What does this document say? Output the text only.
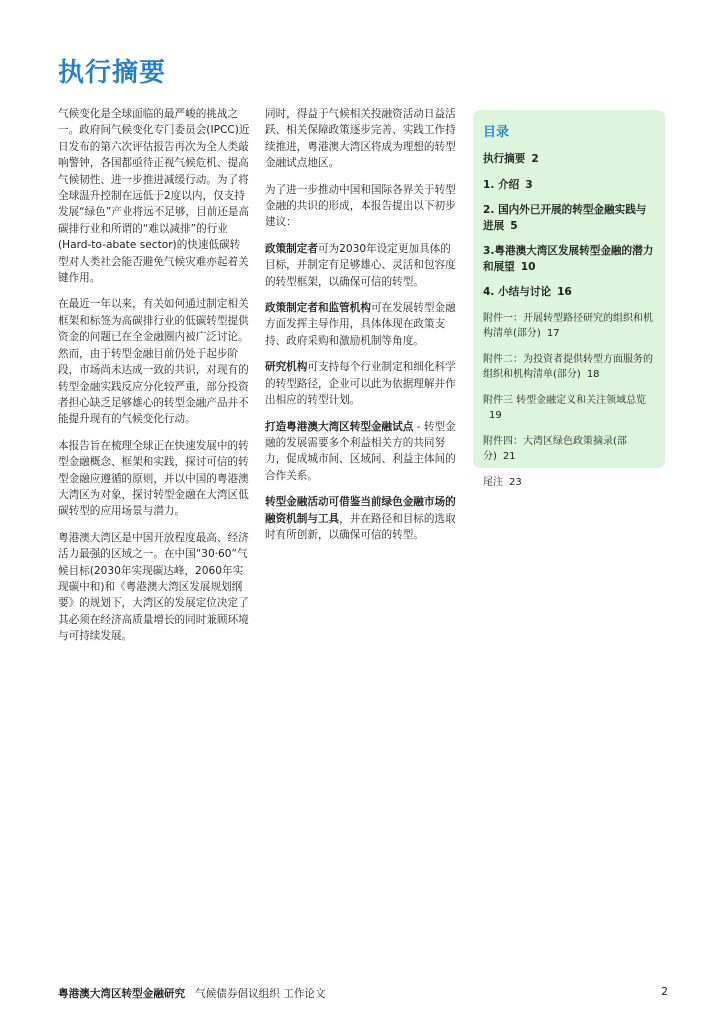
执行摘要

气候变化是全球面临的最严峻的挑战之一。政府间气候变化专门委员会(IPCC)近日发布的第六次评估报告再次为全人类敲响警钟，各国都亟待正视气候危机、提高气候韧性、进一步推进减缓行动。为了将全球温升控制在远低于2度以内，仅支持发展“绿色”产业将远不足够，目前还是高碳排行业和所谓的“难以减排”的行业(Hard-to-abate sector)的快速低碳转型对人类社会能否避免气候灾难亦起着关键作用。

在最近一年以来，有关如何通过制定相关框架和标签为高碳排行业的低碳转型提供资金的问题已在全金融圈内被广泛讨论。然而，由于转型金融目前仍处于起步阶段，市场尚未达成一致的共识，对现有的转型金融实践反应分化较严重，部分投资者担心缺乏足够雄心的转型金融产品并不能提升现有的气候变化行动。

本报告旨在梳理全球正在快速发展中的转型金融概念、框架和实践，探讨可信的转型金融应遵循的原则，并以中国的粤港澳大湾区为对象，探讨转型金融在大湾区低碳转型的应用场景与潜力。

粤港澳大湾区是中国开放程度最高、经济活力最强的区域之一。在中国“30·60”气候目标(2030年实现碳达峰，2060年实现碳中和)和《粤港澳大湾区发展规划纲要》的规划下，大湾区的发展定位决定了其必须在经济高质量增长的同时兼顾环境与可持续发展。

同时，得益于气候相关投融资活动日益活跃、相关保障政策逐步完善、实践工作持续推进，粤港澳大湾区将成为理想的转型金融试点地区。

为了进一步推动中国和国际各界关于转型金融的共识的形成，本报告提出以下初步建议：

政策制定者可为2030年设定更加具体的目标，并制定有足够雄心、灵活和包容度的转型框架，以确保可信的转型。

政策制定者和监管机构可在发展转型金融方面发挥主导作用，具体体现在政策支持、政府采购和激励机制等角度。

研究机构可支持每个行业制定和细化科学的转型路径，企业可以此为依据理解并作出相应的转型计划。

打造粤港澳大湾区转型金融试点 - 转型金融的发展需要多个利益相关方的共同努力，促成城市间、区域间、利益主体间的合作关系。

转型金融活动可借鉴当前绿色金融市场的融资机制与工具，并在路径和目标的选取时有所创新，以确保可信的转型。

目录
执行摘要 2
1. 介绍 3
2. 国内外已开展的转型金融实践与进展 5
3.粤港澳大湾区发展转型金融的潜力和展望 10
4. 小结与讨论 16
附件一：开展转型路径研究的组织和机构清单(部分) 17
附件二：为投资者提供转型方面服务的组织和机构清单(部分) 18
附件三 转型金融定义和关注领域总览19
附件四：大湾区绿色政策摘录(部分) 21
尾注 23
粤港澳大湾区转型金融研究 气候债券倡议组织 工作论文	2
